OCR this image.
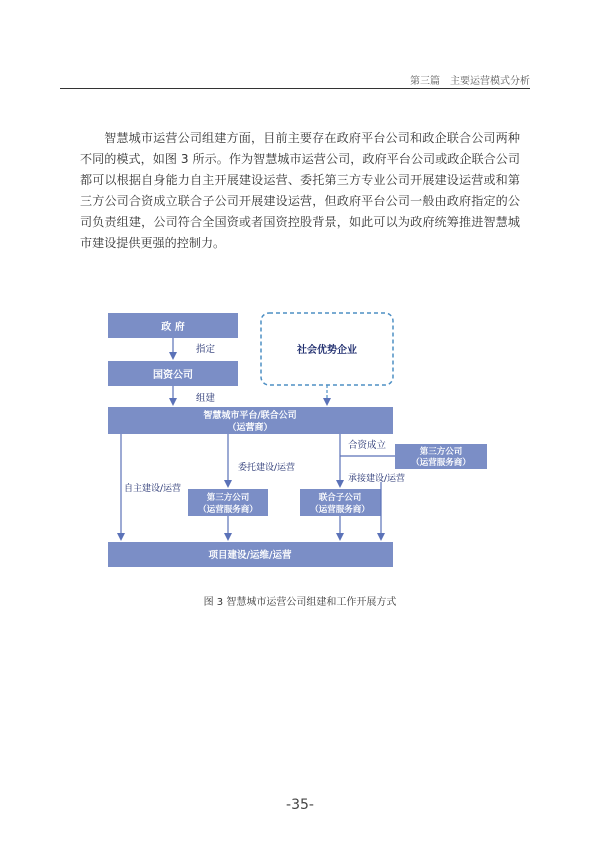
第三篇　主要运营模式分析

智慧城市运营公司组建方面，目前主要存在政府平台公司和政企联合公司两种不同的模式，如图 3 所示。作为智慧城市运营公司，政府平台公司或政企联合公司都可以根据自身能力自主开展建设运营、委托第三方专业公司开展建设运营或和第三方公司合资成立联合子公司开展建设运营，但政府平台公司一般由政府指定的公司负责组建，公司符合全国资或者国资控股背景，如此可以为政府统筹推进智慧城市建设提供更强的控制力。

政 府
国资公司
社会优势企业
智慧城市平台/联合公司
（运营商）
第三方公司
（运营服务商）
第三方公司
（运营服务商）
联合子公司
（运营服务商）
项目建设/运维/运营
指定
组建
合资成立
自主建设/运营
委托建设/运营
承接建设/运营
图 3 智慧城市运营公司组建和工作开展方式
-35-
